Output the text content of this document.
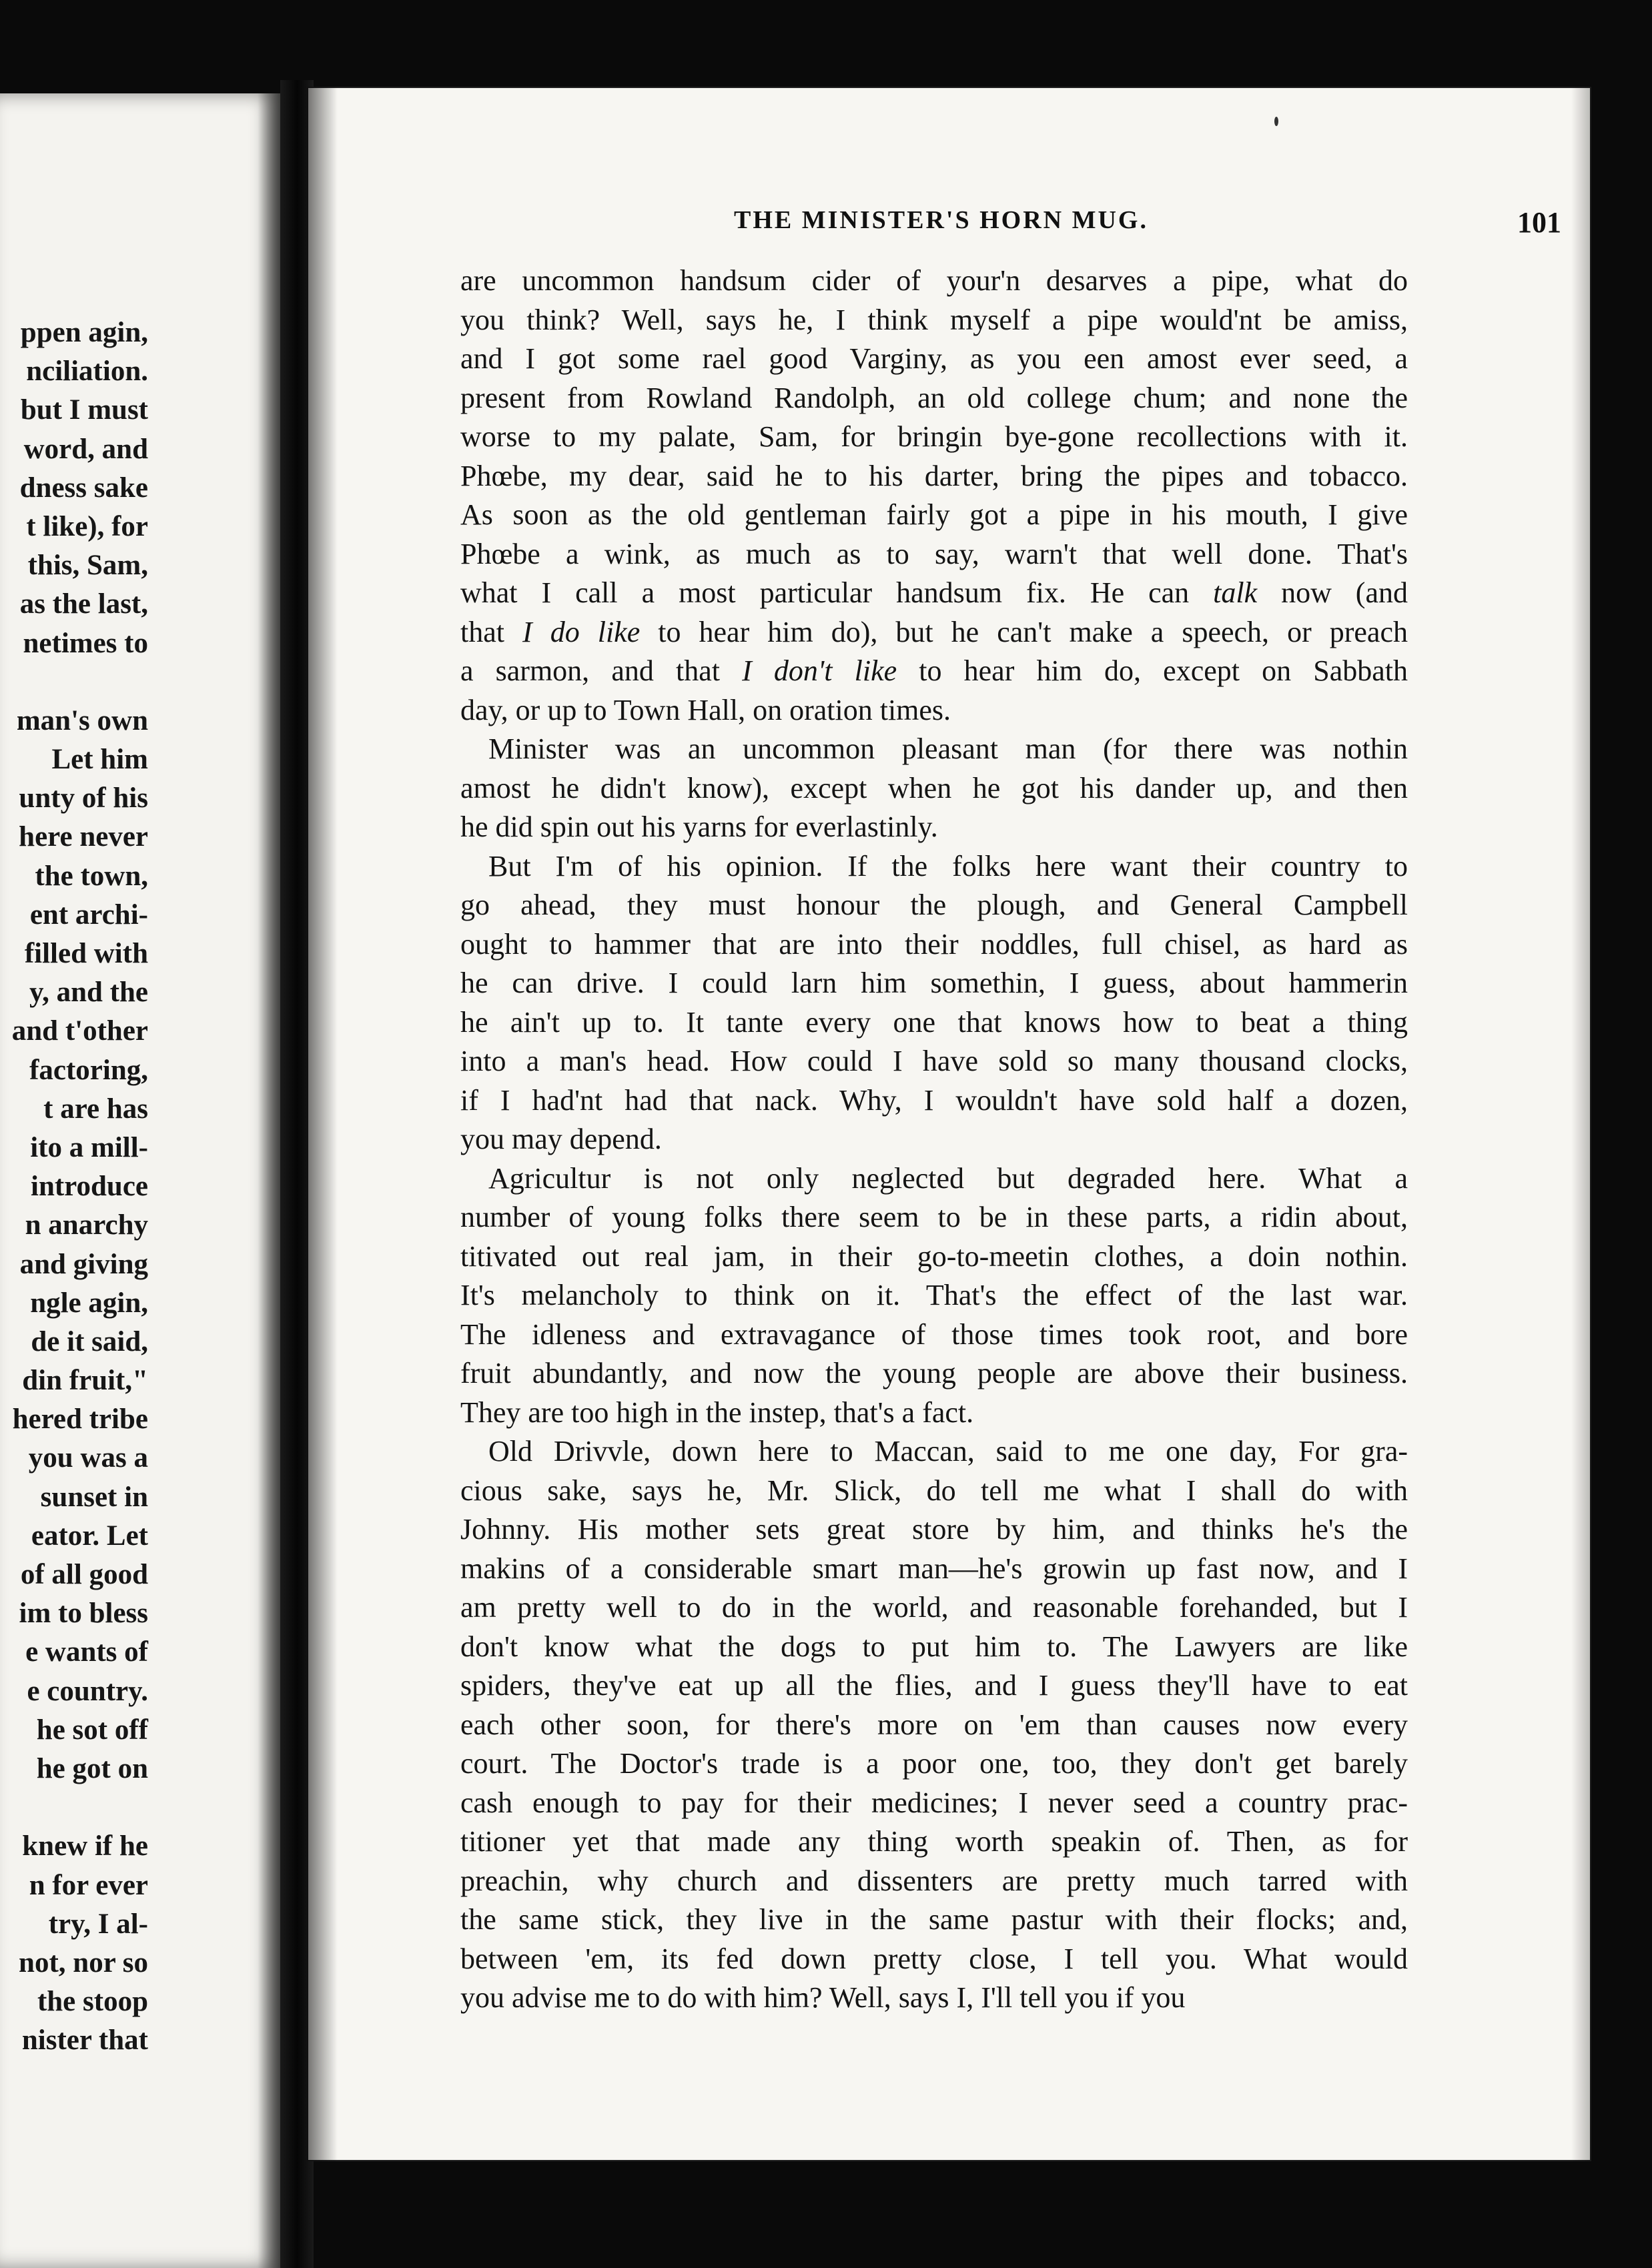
ppen agin,
nciliation.
but I must
word, and
dness sake
t like), for
this, Sam,
as the last,
netimes to
man's own
Let him
unty of his
here never
the town,
ent archi-
filled with
y, and the
and t'other
factoring,
t are has
ito a mill-
introduce
n anarchy
and giving
ngle agin,
de it said,
din fruit,"
hered tribe
you was a
sunset in
eator. Let
of all good
im to bless
e wants of
e country.
he sot off
he got on
knew if he
n for ever
try, I al-
not, nor so
the stoop
nister that
THE MINISTER'S HORN MUG.	101
are uncommon handsum cider of your'n desarves a pipe, what do
you think? Well, says he, I think myself a pipe would'nt be amiss,
and I got some rael good Varginy, as you een amost ever seed, a
present from Rowland Randolph, an old college chum; and none the
worse to my palate, Sam, for bringin bye-gone recollections with it.
Phœbe, my dear, said he to his darter, bring the pipes and tobacco.
As soon as the old gentleman fairly got a pipe in his mouth, I give
Phœbe a wink, as much as to say, warn't that well done. That's
what I call a most particular handsum fix. He can talk now (and
that I do like to hear him do), but he can't make a speech, or preach
a sarmon, and that I don't like to hear him do, except on Sabbath
day, or up to Town Hall, on oration times.
Minister was an uncommon pleasant man (for there was nothin
amost he didn't know), except when he got his dander up, and then
he did spin out his yarns for everlastinly.
But I'm of his opinion. If the folks here want their country to
go ahead, they must honour the plough, and General Campbell
ought to hammer that are into their noddles, full chisel, as hard as
he can drive. I could larn him somethin, I guess, about hammerin
he ain't up to. It tante every one that knows how to beat a thing
into a man's head. How could I have sold so many thousand clocks,
if I had'nt had that nack. Why, I wouldn't have sold half a dozen,
you may depend.
Agricultur is not only neglected but degraded here. What a
number of young folks there seem to be in these parts, a ridin about,
titivated out real jam, in their go-to-meetin clothes, a doin nothin.
It's melancholy to think on it. That's the effect of the last war.
The idleness and extravagance of those times took root, and bore
fruit abundantly, and now the young people are above their business.
They are too high in the instep, that's a fact.
Old Drivvle, down here to Maccan, said to me one day, For gra-
cious sake, says he, Mr. Slick, do tell me what I shall do with
Johnny. His mother sets great store by him, and thinks he's the
makins of a considerable smart man—he's growin up fast now, and I
am pretty well to do in the world, and reasonable forehanded, but I
don't know what the dogs to put him to. The Lawyers are like
spiders, they've eat up all the flies, and I guess they'll have to eat
each other soon, for there's more on 'em than causes now every
court. The Doctor's trade is a poor one, too, they don't get barely
cash enough to pay for their medicines; I never seed a country prac-
titioner yet that made any thing worth speakin of. Then, as for
preachin, why church and dissenters are pretty much tarred with
the same stick, they live in the same pastur with their flocks; and,
between 'em, its fed down pretty close, I tell you. What would
you advise me to do with him? Well, says I, I'll tell you if you
